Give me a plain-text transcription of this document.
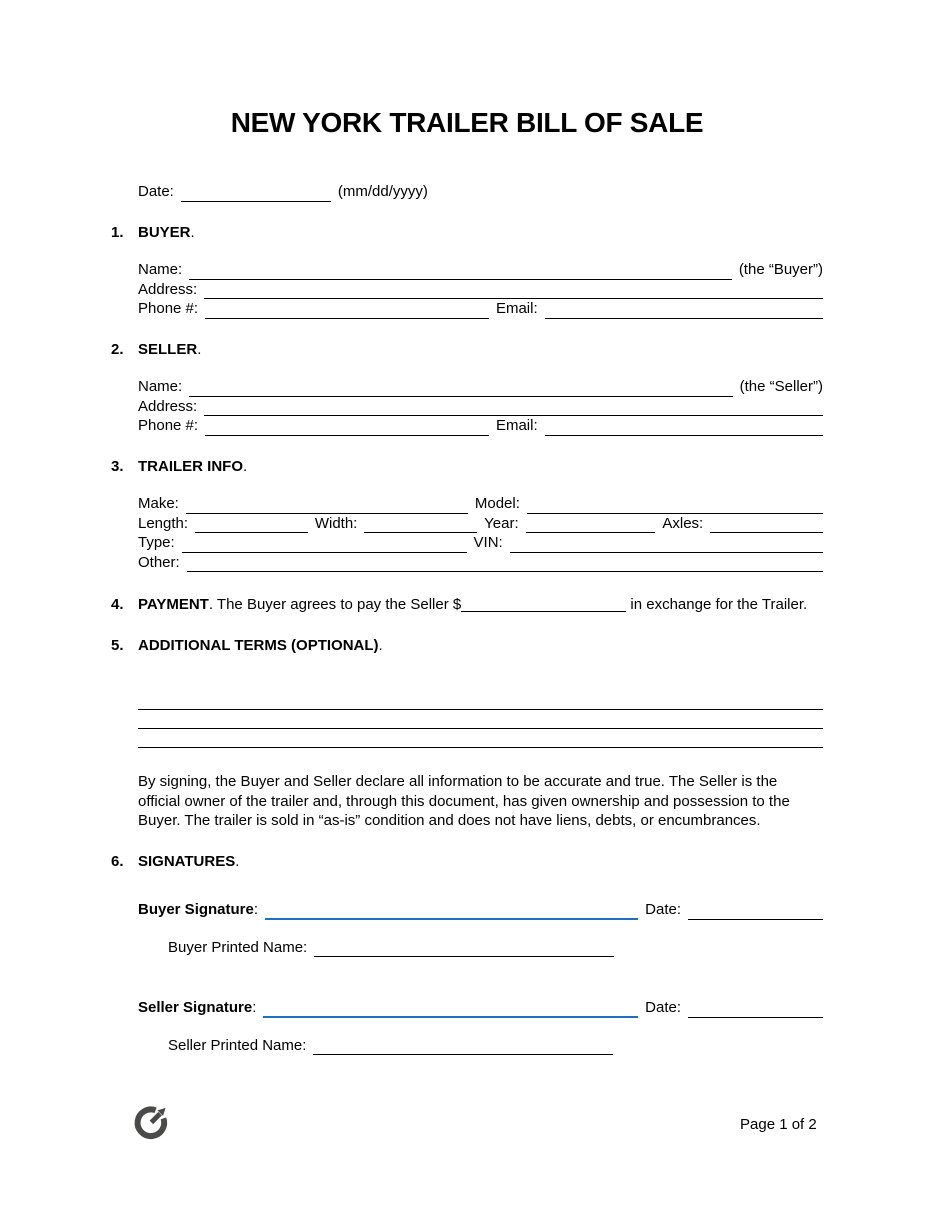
NEW YORK TRAILER BILL OF SALE
Date:	(mm/dd/yyyy)
1. BUYER.
Name:	(the “Buyer”)
Address:
Phone #:	Email:
2. SELLER.
Name:	(the “Seller”)
Address:
Phone #:	Email:
3. TRAILER INFO.
Make:	Model:
Length:	Width:	Year:	Axles:
Type:	VIN:
Other:

4. PAYMENT. The Buyer agrees to pay the Seller $	in exchange for the Trailer.

5. ADDITIONAL TERMS (OPTIONAL).

By signing, the Buyer and Seller declare all information to be accurate and true. The Seller is the official owner of the trailer and, through this document, has given ownership and possession to the Buyer. The trailer is sold in “as-is” condition and does not have liens, debts, or encumbrances.

6. SIGNATURES.
Buyer Signature:	Date:
Buyer Printed Name:
Seller Signature:	Date:
Seller Printed Name:
Page 1 of 2
